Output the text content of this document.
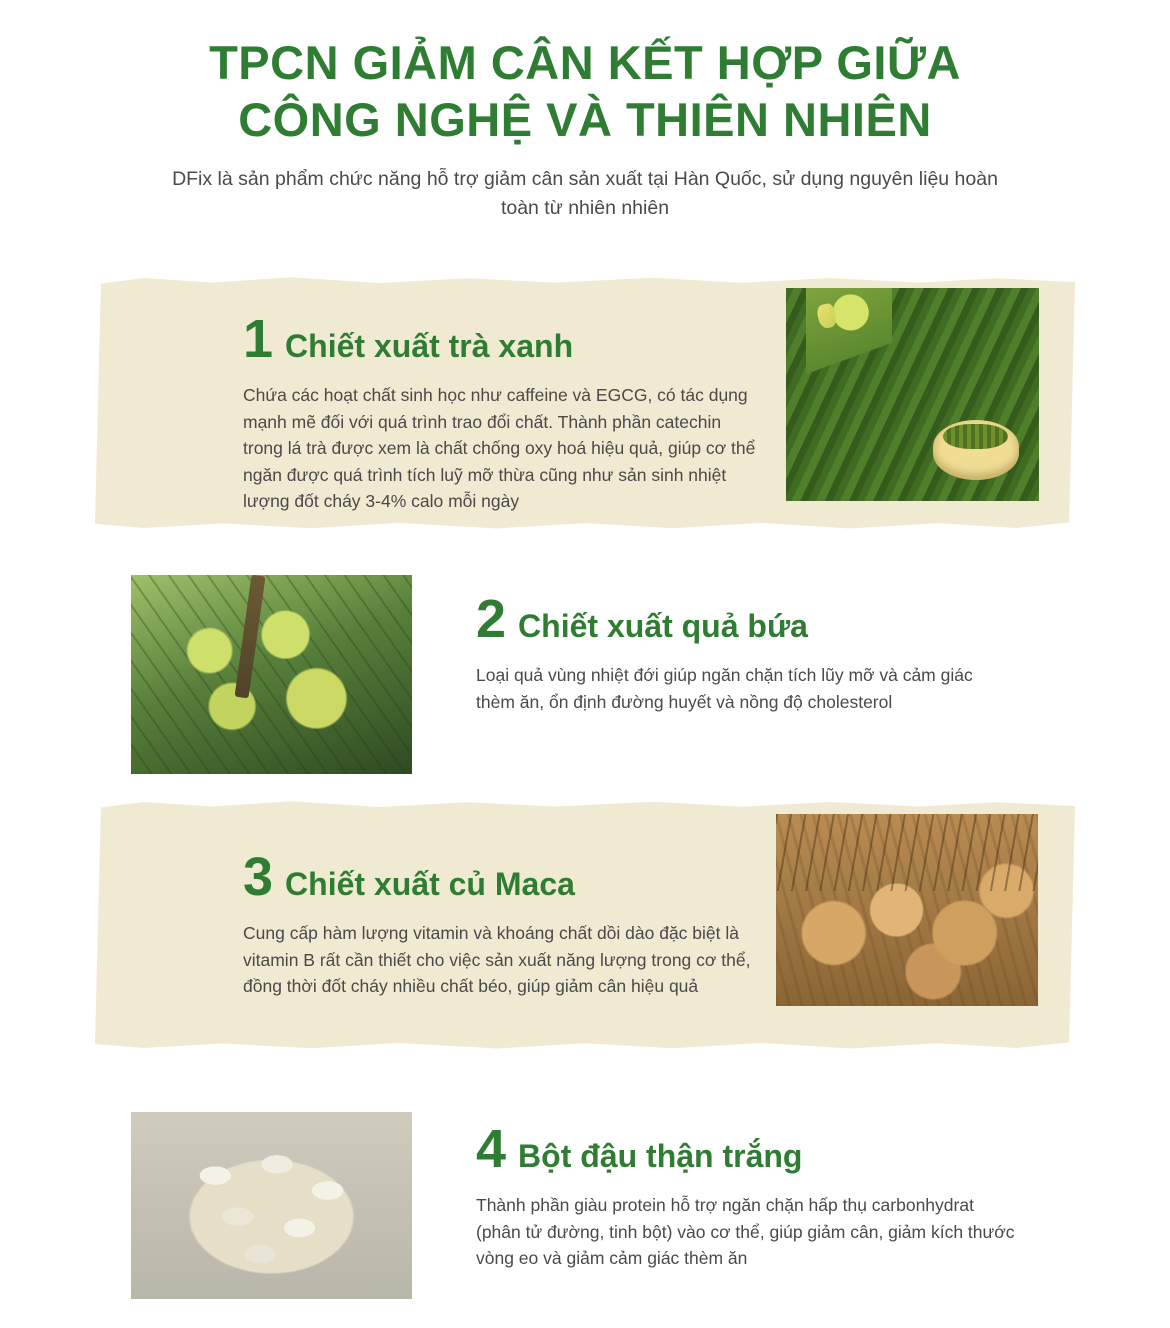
TPCN GIẢM CÂN KẾT HỢP GIỮA
CÔNG NGHỆ VÀ THIÊN NHIÊN
DFix là sản phẩm chức năng hỗ trợ giảm cân sản xuất tại Hàn Quốc, sử dụng nguyên liệu hoàn toàn từ nhiên nhiên
1 Chiết xuất trà xanh
Chứa các hoạt chất sinh học như caffeine và EGCG, có tác dụng mạnh mẽ đối với quá trình trao đổi chất. Thành phần catechin trong lá trà được xem là chất chống oxy hoá hiệu quả, giúp cơ thể ngăn được quá trình tích luỹ mỡ thừa cũng như sản sinh nhiệt lượng đốt cháy 3-4% calo mỗi ngày
2 Chiết xuất quả bứa
Loại quả vùng nhiệt đới giúp ngăn chặn tích lũy mỡ và cảm giác thèm ăn, ổn định đường huyết và nồng độ cholesterol
3 Chiết xuất củ Maca
Cung cấp hàm lượng vitamin và khoáng chất dồi dào đặc biệt là vitamin B rất cần thiết cho việc sản xuất năng lượng trong cơ thể, đồng thời đốt cháy nhiều chất béo, giúp giảm cân hiệu quả
4 Bột đậu thận trắng
Thành phần giàu protein hỗ trợ ngăn chặn hấp thụ carbonhydrat (phân tử đường, tinh bột) vào cơ thể, giúp giảm cân, giảm kích thước vòng eo và giảm cảm giác thèm ăn
